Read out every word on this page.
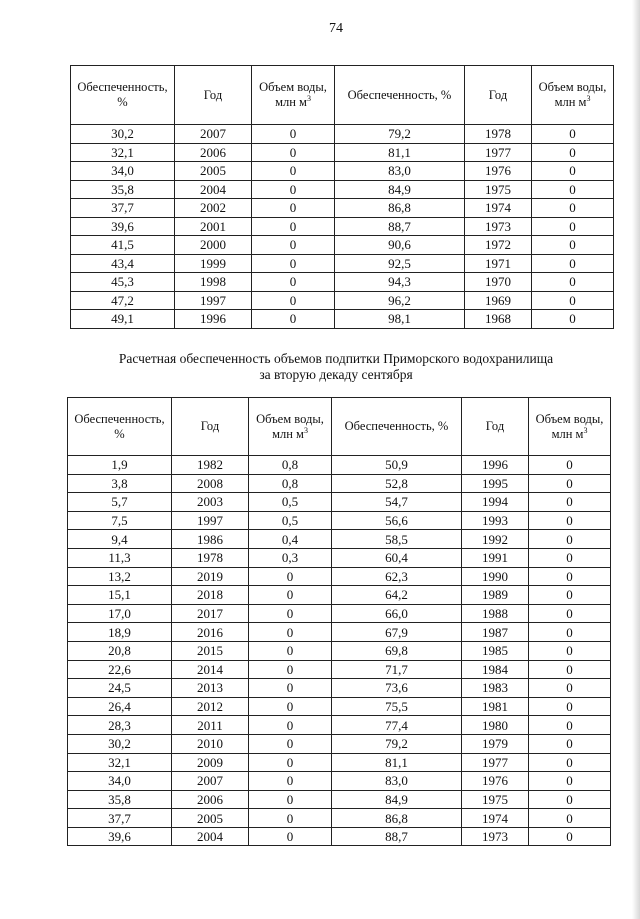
74
Обеспеченность, %	Год	Объем воды, млн $м^3$	Обеспеченность, %	Год	Объем воды, млн $м^3$
30,2	2007	0	79,2	1978	0
32,1	2006	0	81,1	1977	0
34,0	2005	0	83,0	1976	0
35,8	2004	0	84,9	1975	0
37,7	2002	0	86,8	1974	0
39,6	2001	0	88,7	1973	0
41,5	2000	0	90,6	1972	0
43,4	1999	0	92,5	1971	0
45,3	1998	0	94,3	1970	0
47,2	1997	0	96,2	1969	0
49,1	1996	0	98,1	1968	0
Расчетная обеспеченность объемов подпитки Приморского водохранилища
за вторую декаду сентября
Обеспеченность, %	Год	Объем воды, млн $м^3$	Обеспеченность, %	Год	Объем воды, млн $м^3$
1,9	1982	0,8	50,9	1996	0
3,8	2008	0,8	52,8	1995	0
5,7	2003	0,5	54,7	1994	0
7,5	1997	0,5	56,6	1993	0
9,4	1986	0,4	58,5	1992	0
11,3	1978	0,3	60,4	1991	0
13,2	2019	0	62,3	1990	0
15,1	2018	0	64,2	1989	0
17,0	2017	0	66,0	1988	0
18,9	2016	0	67,9	1987	0
20,8	2015	0	69,8	1985	0
22,6	2014	0	71,7	1984	0
24,5	2013	0	73,6	1983	0
26,4	2012	0	75,5	1981	0
28,3	2011	0	77,4	1980	0
30,2	2010	0	79,2	1979	0
32,1	2009	0	81,1	1977	0
34,0	2007	0	83,0	1976	0
35,8	2006	0	84,9	1975	0
37,7	2005	0	86,8	1974	0
39,6	2004	0	88,7	1973	0
